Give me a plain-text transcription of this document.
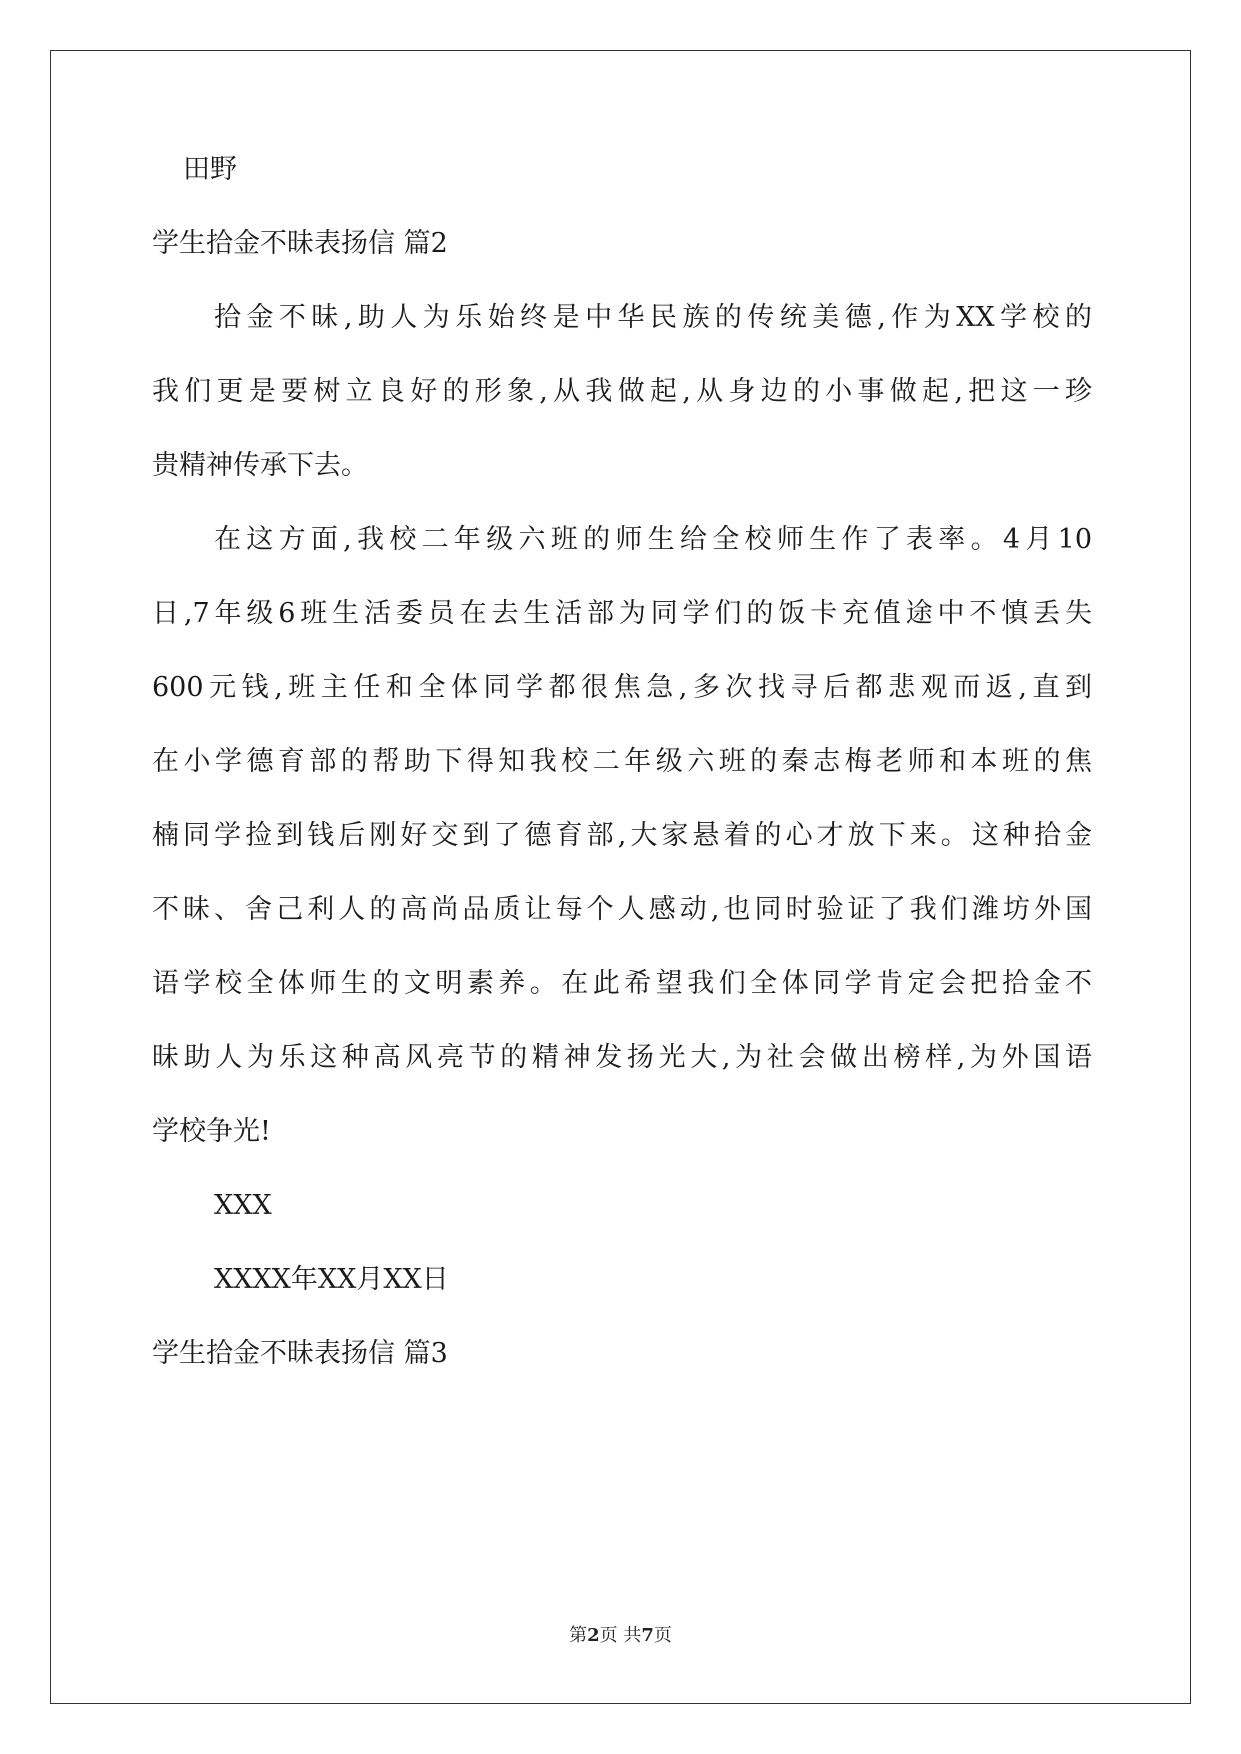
田野
学生拾金不昧表扬信 篇2
拾金不昧,助人为乐始终是中华民族的传统美德,作为XX学校的
我们更是要树立良好的形象,从我做起,从身边的小事做起,把这一珍
贵精神传承下去。
在这方面,我校二年级六班的师生给全校师生作了表率。4月10
日,7年级6班生活委员在去生活部为同学们的饭卡充值途中不慎丢失
600元钱,班主任和全体同学都很焦急,多次找寻后都悲观而返,直到
在小学德育部的帮助下得知我校二年级六班的秦志梅老师和本班的焦
楠同学捡到钱后刚好交到了德育部,大家悬着的心才放下来。这种拾金
不昧、舍己利人的高尚品质让每个人感动,也同时验证了我们潍坊外国
语学校全体师生的文明素养。在此希望我们全体同学肯定会把拾金不
昧助人为乐这种高风亮节的精神发扬光大,为社会做出榜样,为外国语
学校争光!
XXX
XXXX年XX月XX日
学生拾金不昧表扬信 篇3
第2页 共7页
